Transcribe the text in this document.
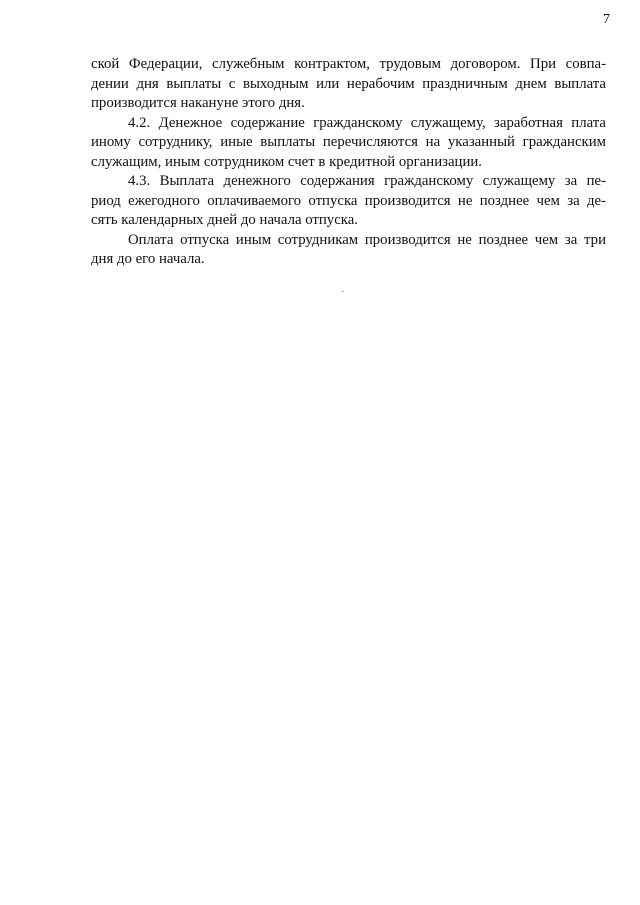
7
ской Федерации, служебным контрактом, трудовым договором. При совпа-
дении дня выплаты с выходным или нерабочим праздничным днем выплата
производится накануне этого дня.
4.2. Денежное содержание гражданскому служащему, заработная плата
иному сотруднику, иные выплаты перечисляются на указанный гражданским
служащим, иным сотрудником счет в кредитной организации.
4.3. Выплата денежного содержания гражданскому служащему за пе-
риод ежегодного оплачиваемого отпуска производится не позднее чем за де-
сять календарных дней до начала отпуска.
Оплата отпуска иным сотрудникам производится не позднее чем за три
дня до его начала.
